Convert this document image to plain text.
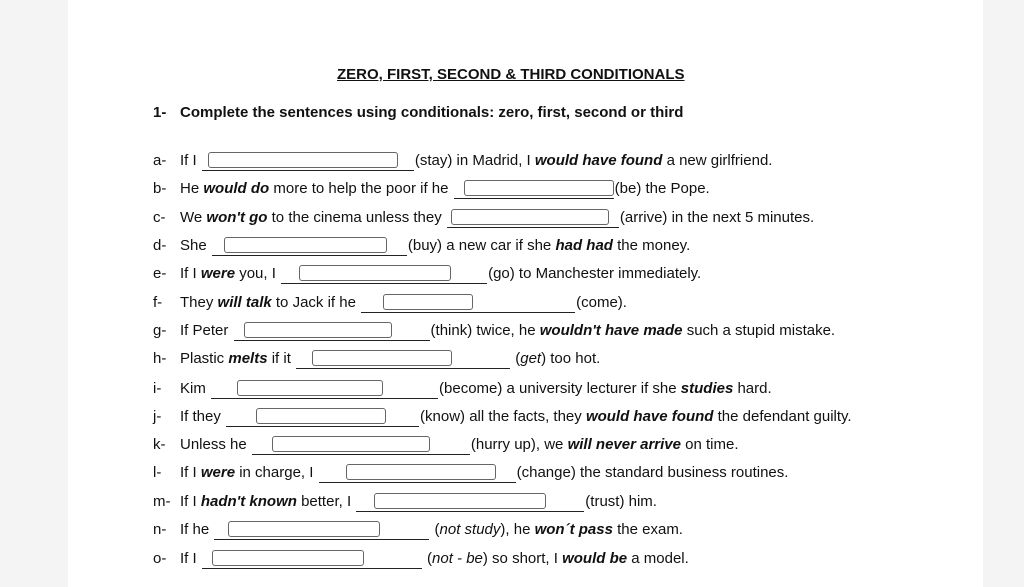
ZERO, FIRST, SECOND & THIRD CONDITIONALS
1- Complete the sentences using conditionals: zero, first, second or third
a- If I	(stay) in Madrid, I would have found a new girlfriend.
b- He would do more to help the poor if he	(be) the Pope.
c- We won't go to the cinema unless they	(arrive) in the next 5 minutes.
d- She	(buy) a new car if she had had the money.
e- If I were you, I	(go) to Manchester immediately.
f- They will talk to Jack if he	(come).
g- If Peter	(think) twice, he wouldn't have made such a stupid mistake.
h- Plastic melts if it	(get) too hot.
i- Kim	(become) a university lecturer if she studies hard.
j- If they	(know) all the facts, they would have found the defendant guilty.
k- Unless he	(hurry up), we will never arrive on time.
l- If I were in charge, I	(change) the standard business routines.
m- If I hadn't known better, I	(trust) him.
n- If he	(not study), he won´t pass the exam.
o- If I	(not - be) so short, I would be a model.
